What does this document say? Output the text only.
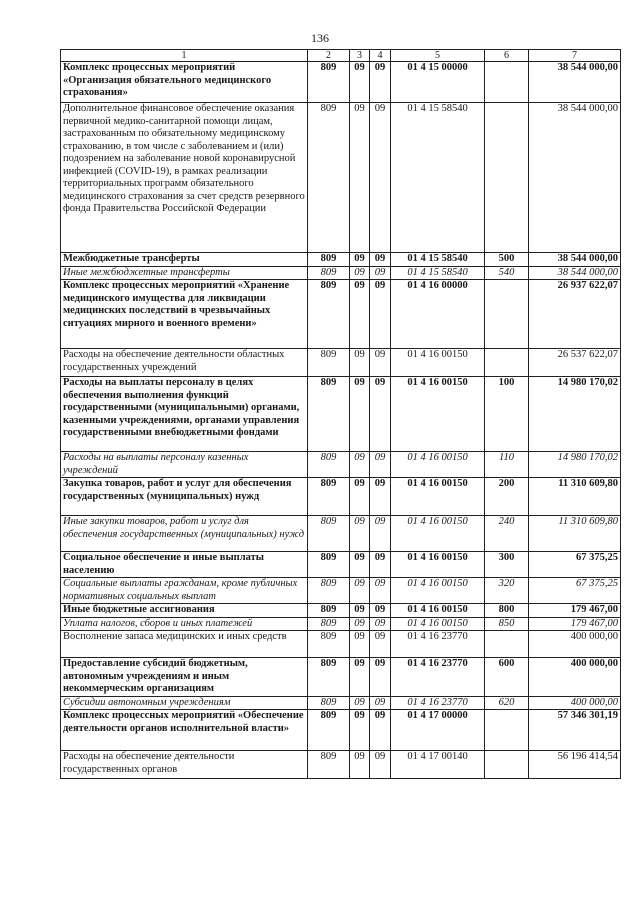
136
1	2	3	4	5	6	7
Комплекс процессных мероприятий «Организация обязательного медицинского страхования»	809	09	09	01 4 15 00000		38 544 000,00
Дополнительное финансовое обеспечение оказания первичной медико-санитарной помощи лицам, застрахованным по обязательному медицинскому страхованию, в том числе с заболеванием и (или) подозрением на заболевание новой коронавирусной инфекцией (COVID-19), в рамках реализации территориальных программ обязательного медицинского страхования за счет средств резервного фонда Правительства Российской Федерации	809	09	09	01 4 15 58540		38 544 000,00
Межбюджетные трансферты	809	09	09	01 4 15 58540	500	38 544 000,00
Иные межбюджетные трансферты	809	09	09	01 4 15 58540	540	38 544 000,00
Комплекс процессных мероприятий «Хранение медицинского имущества для ликвидации медицинских последствий в чрезвычайных ситуациях мирного и военного времени»	809	09	09	01 4 16 00000		26 937 622,07
Расходы на обеспечение деятельности областных государственных учреждений	809	09	09	01 4 16 00150		26 537 622,07
Расходы на выплаты персоналу в целях обеспечения выполнения функций государственными (муниципальными) органами, казенными учреждениями, органами управления государственными внебюджетными фондами	809	09	09	01 4 16 00150	100	14 980 170,02
Расходы на выплаты персоналу казенных учреждений	809	09	09	01 4 16 00150	110	14 980 170,02
Закупка товаров, работ и услуг для обеспечения государственных (муниципальных) нужд	809	09	09	01 4 16 00150	200	11 310 609,80
Иные закупки товаров, работ и услуг для обеспечения государственных (муниципальных) нужд	809	09	09	01 4 16 00150	240	11 310 609,80
Социальное обеспечение и иные выплаты населению	809	09	09	01 4 16 00150	300	67 375,25
Социальные выплаты гражданам, кроме публичных нормативных социальных выплат	809	09	09	01 4 16 00150	320	67 375,25
Иные бюджетные ассигнования	809	09	09	01 4 16 00150	800	179 467,00
Уплата налогов, сборов и иных платежей	809	09	09	01 4 16 00150	850	179 467,00
Восполнение запаса медицинских и иных средств	809	09	09	01 4 16 23770		400 000,00
Предоставление субсидий бюджетным, автономным учреждениям и иным некоммерческим организациям	809	09	09	01 4 16 23770	600	400 000,00
Субсидии автономным учреждениям	809	09	09	01 4 16 23770	620	400 000,00
Комплекс процессных мероприятий «Обеспечение деятельности органов исполнительной власти»	809	09	09	01 4 17 00000		57 346 301,19
Расходы на обеспечение деятельности государственных органов	809	09	09	01 4 17 00140		56 196 414,54
